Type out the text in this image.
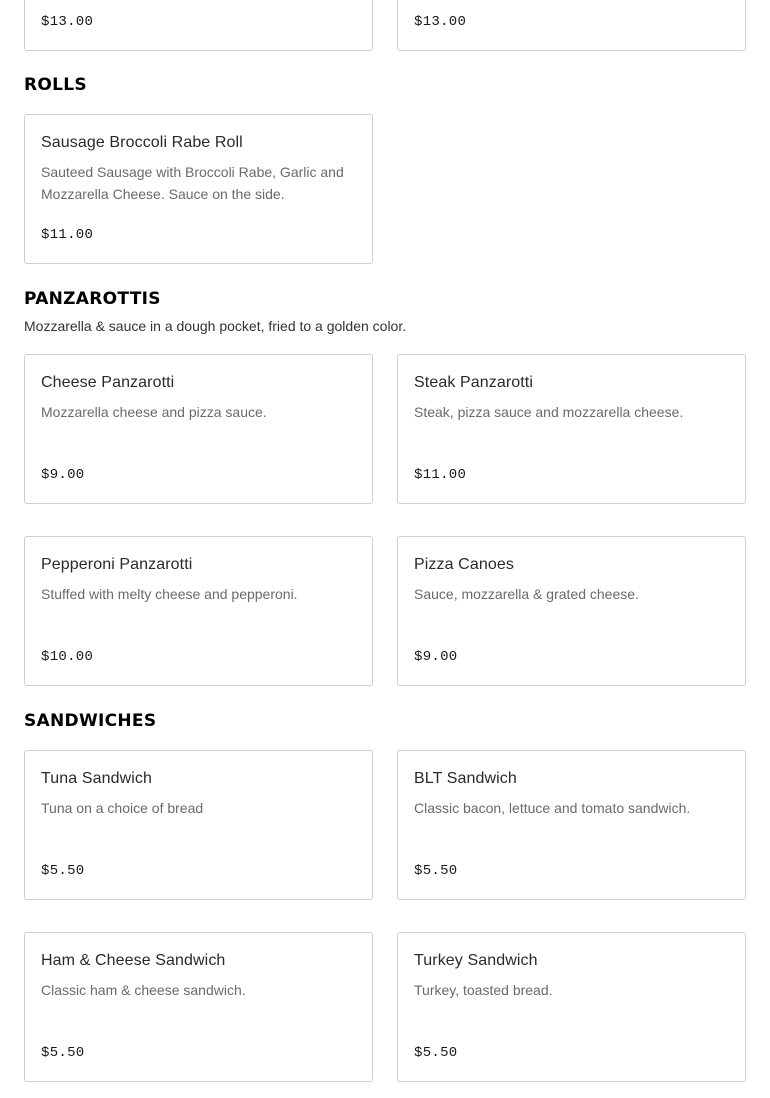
$13.00	$13.00
ROLLS
Sausage Broccoli Rabe Roll
Sauteed Sausage with Broccoli Rabe, Garlic and Mozzarella Cheese. Sauce on the side.
$11.00
PANZAROTTIS
Mozzarella & sauce in a dough pocket, fried to a golden color.
Cheese Panzarotti
Mozzarella cheese and pizza sauce.
$9.00
Steak Panzarotti
Steak, pizza sauce and mozzarella cheese.
$11.00
Pepperoni Panzarotti
Stuffed with melty cheese and pepperoni.
$10.00
Pizza Canoes
Sauce, mozzarella & grated cheese.
$9.00
SANDWICHES
Tuna Sandwich
Tuna on a choice of bread
$5.50
BLT Sandwich
Classic bacon, lettuce and tomato sandwich.
$5.50
Ham & Cheese Sandwich
Classic ham & cheese sandwich.
$5.50
Turkey Sandwich
Turkey, toasted bread.
$5.50
